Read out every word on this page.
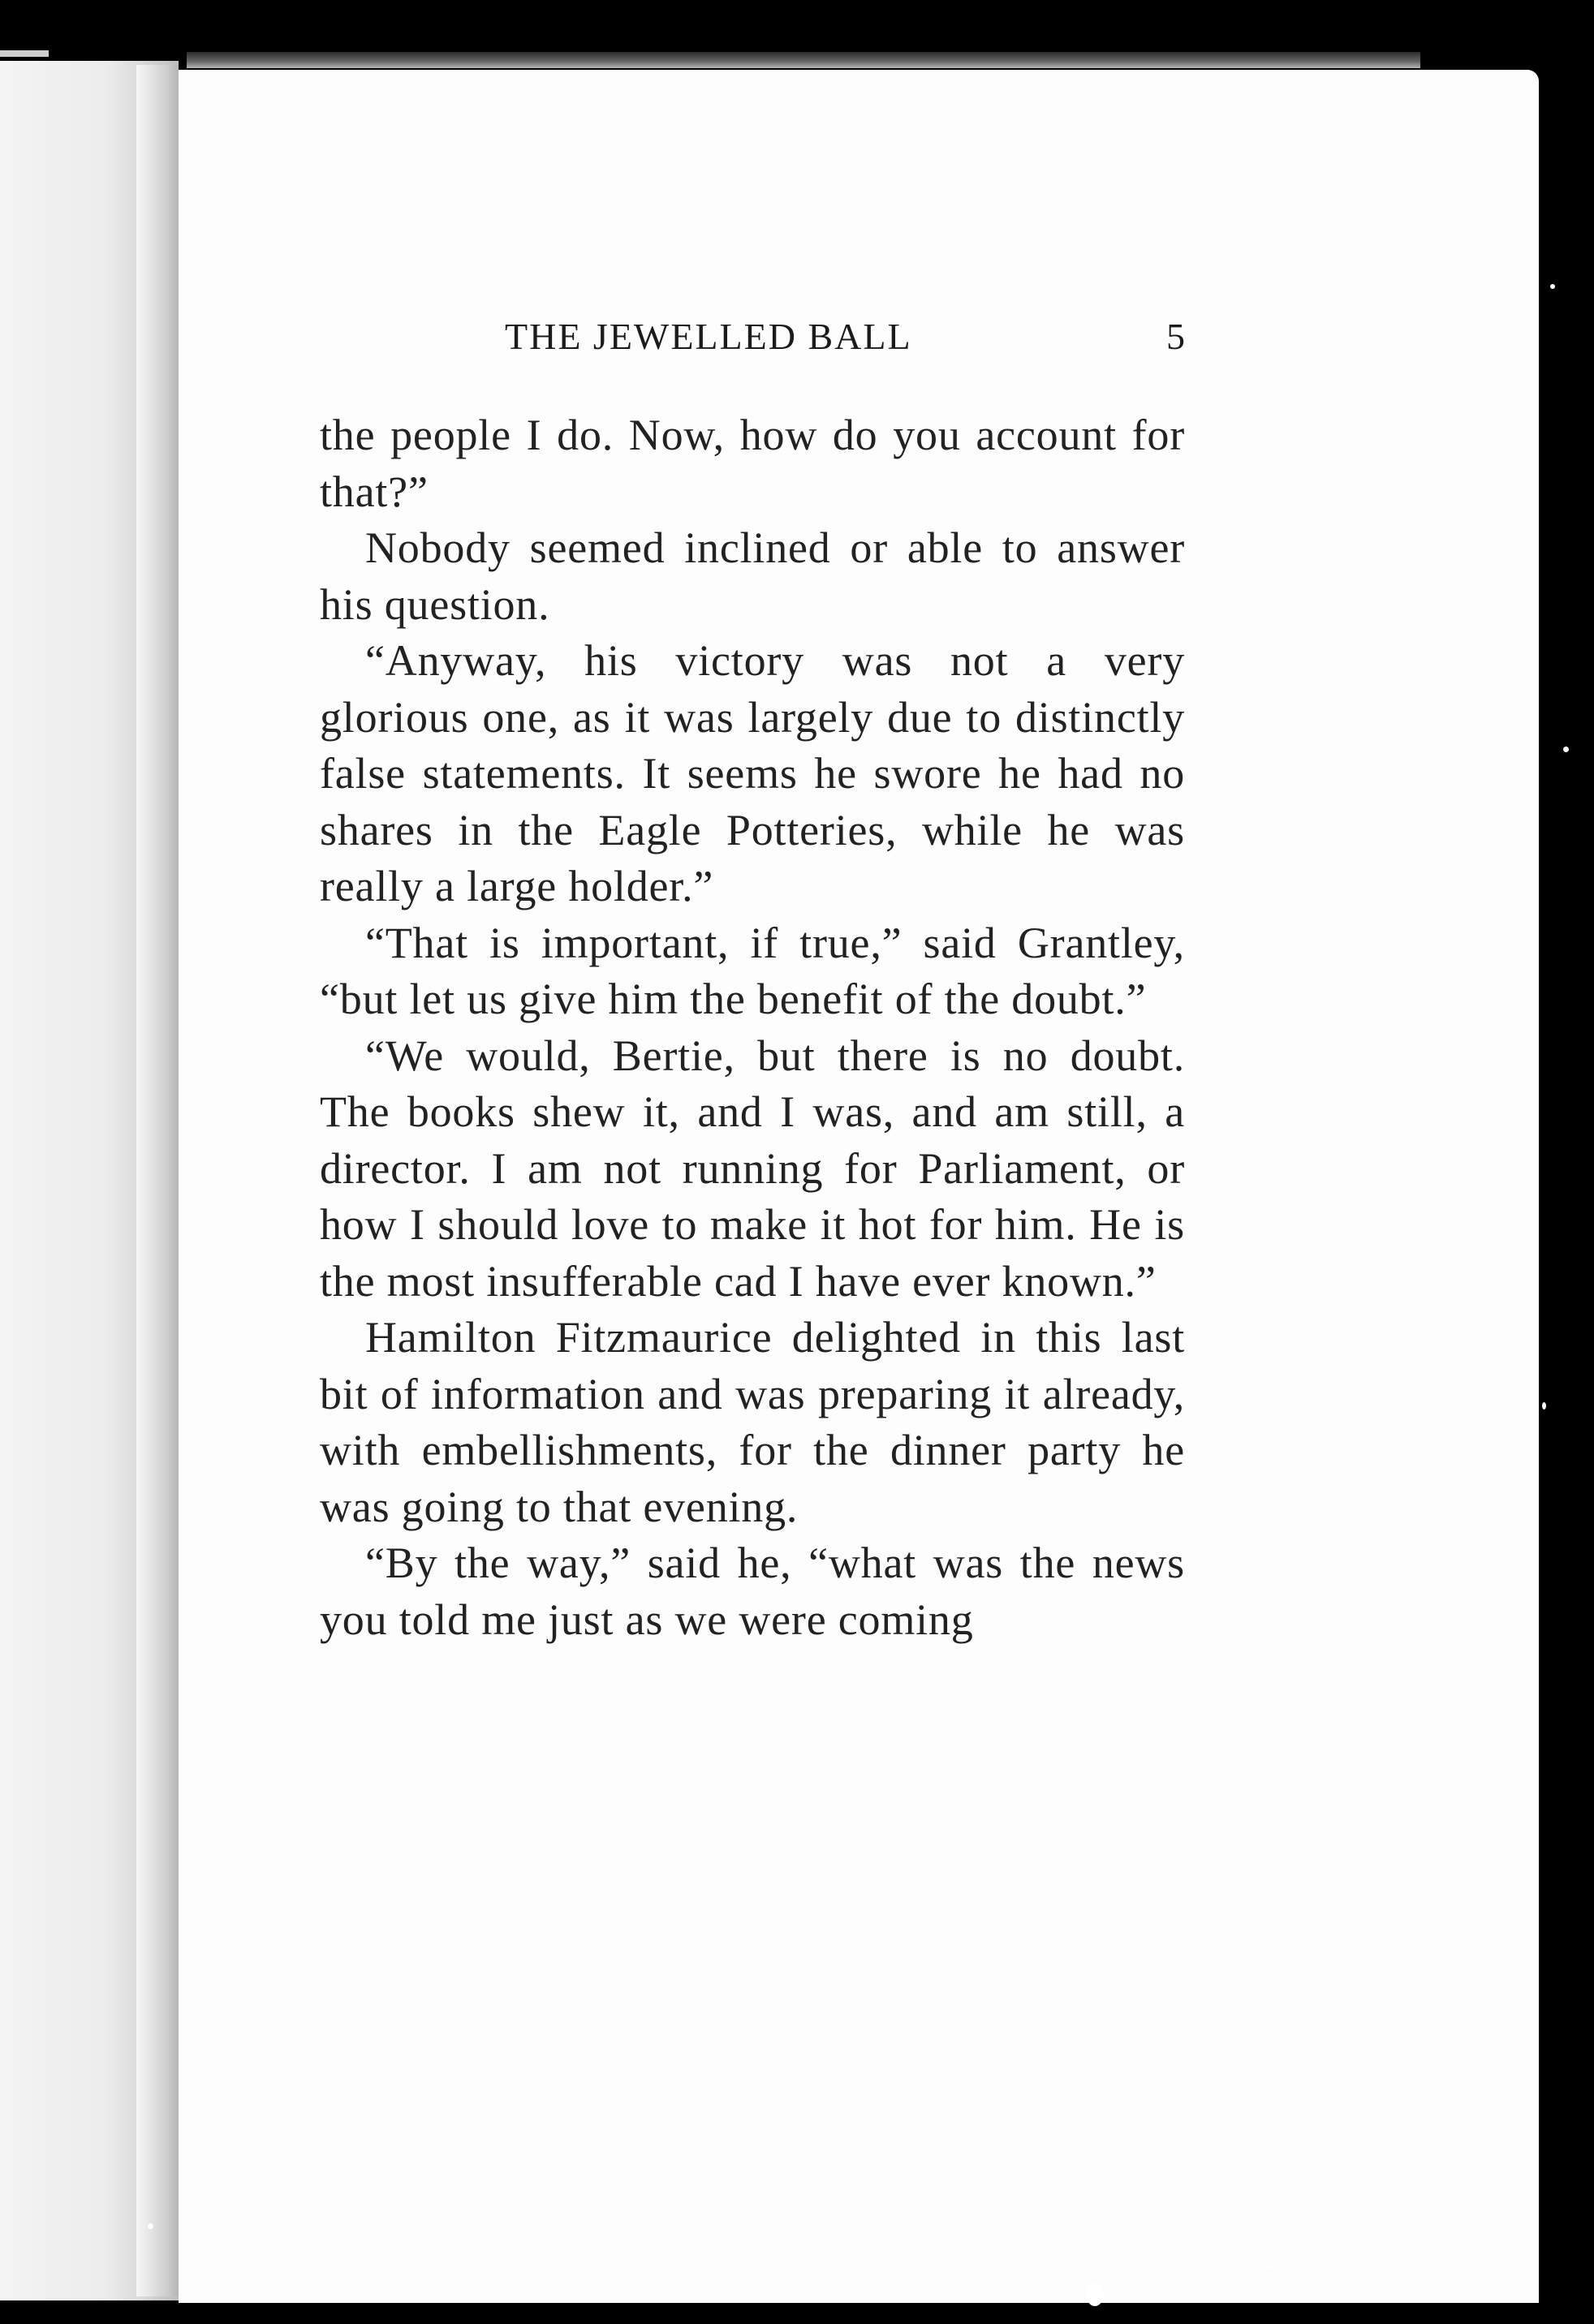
THE JEWELLED BALL	5

the people I do. Now, how do you account for that?”

Nobody seemed inclined or able to answer his question.

“Anyway, his victory was not a very glorious one, as it was largely due to distinctly false statements. It seems he swore he had no shares in the Eagle Potteries, while he was really a large holder.”

“That is important, if true,” said Grantley, “but let us give him the benefit of the doubt.”

“We would, Bertie, but there is no doubt. The books shew it, and I was, and am still, a director. I am not running for Parliament, or how I should love to make it hot for him. He is the most insufferable cad I have ever known.”

Hamilton Fitzmaurice delighted in this last bit of information and was preparing it already, with embellishments, for the dinner party he was going to that evening.

“By the way,” said he, “what was the news you told me just as we were coming
